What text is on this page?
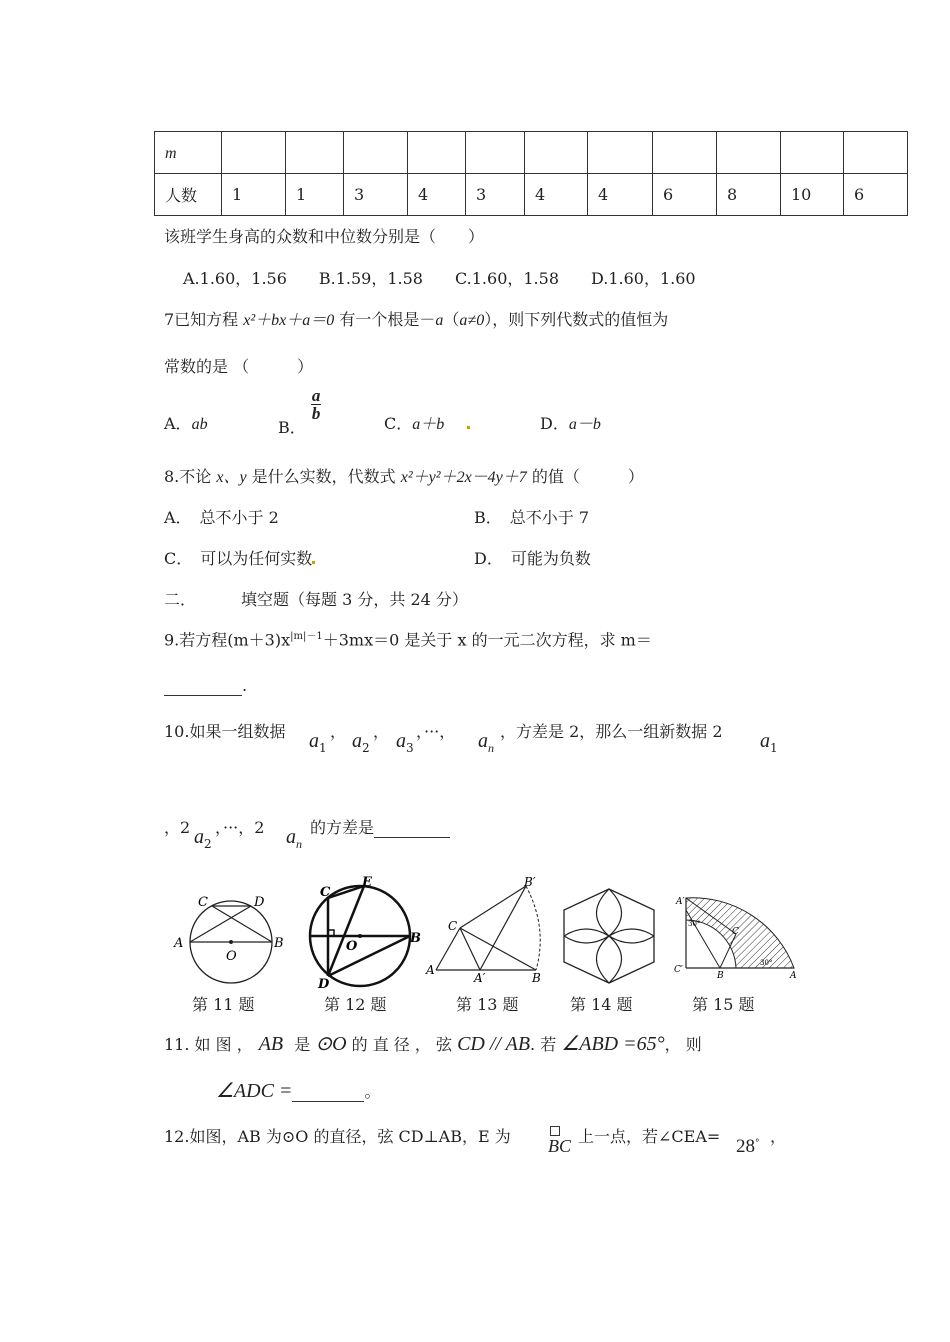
m											
人数	1	1	3	4	3	4	4	6	8	10	6
该班学生身高的众数和中位数分别是（　　）
A.1.60，1.56　　B.1.59，1.58　　C.1.60，1.58　　D.1.60，1.60
7已知方程 x²＋bx＋a＝0 有一个根是－a（a≠0），则下列代数式的值恒为
常数的是 （　　　）
A．ab	B．
$\frac{a}{b}$
C．a＋b	D．a－b
8.不论 x、y 是什么实数，代数式 x²＋y²＋2x－4y＋7 的值（　　　）
A．　总不小于 2	B．　总不小于 7
C．　可以为任何实数	D．　可能为负数
二．	填空题（每题 3 分，共 24 分）
9.若方程$(m+3)x^{|m|-1}+3mx=0$ 是关于 x 的一元二次方程，求 m＝
.
10.如果一组数据 $a_1$
， $a_2$
， $a_3$
，···， $a_n$
，方差是 2，那么一组新数据 2 $a_1$
，2 $a_2$
，···，2 $a_n$
的方差是
C	D
A	B
O
第 11 题
C
E
B
D
O
第 12 题
B′
C
A
A′	B
第 13 题	第 14 题
A′
C
B
C′
A
30°
30°
第 15 题
11. 如 图 ， AB 是 ⊙O 的 直 径 ， 弦 CD // AB. 若 ∠ABD =65°， 则
∠ADC =	。
12.如图，AB 为⊙O 的直径，弦 CD⊥AB，E 为 BC 上一点，若∠CEA= 28° ，
